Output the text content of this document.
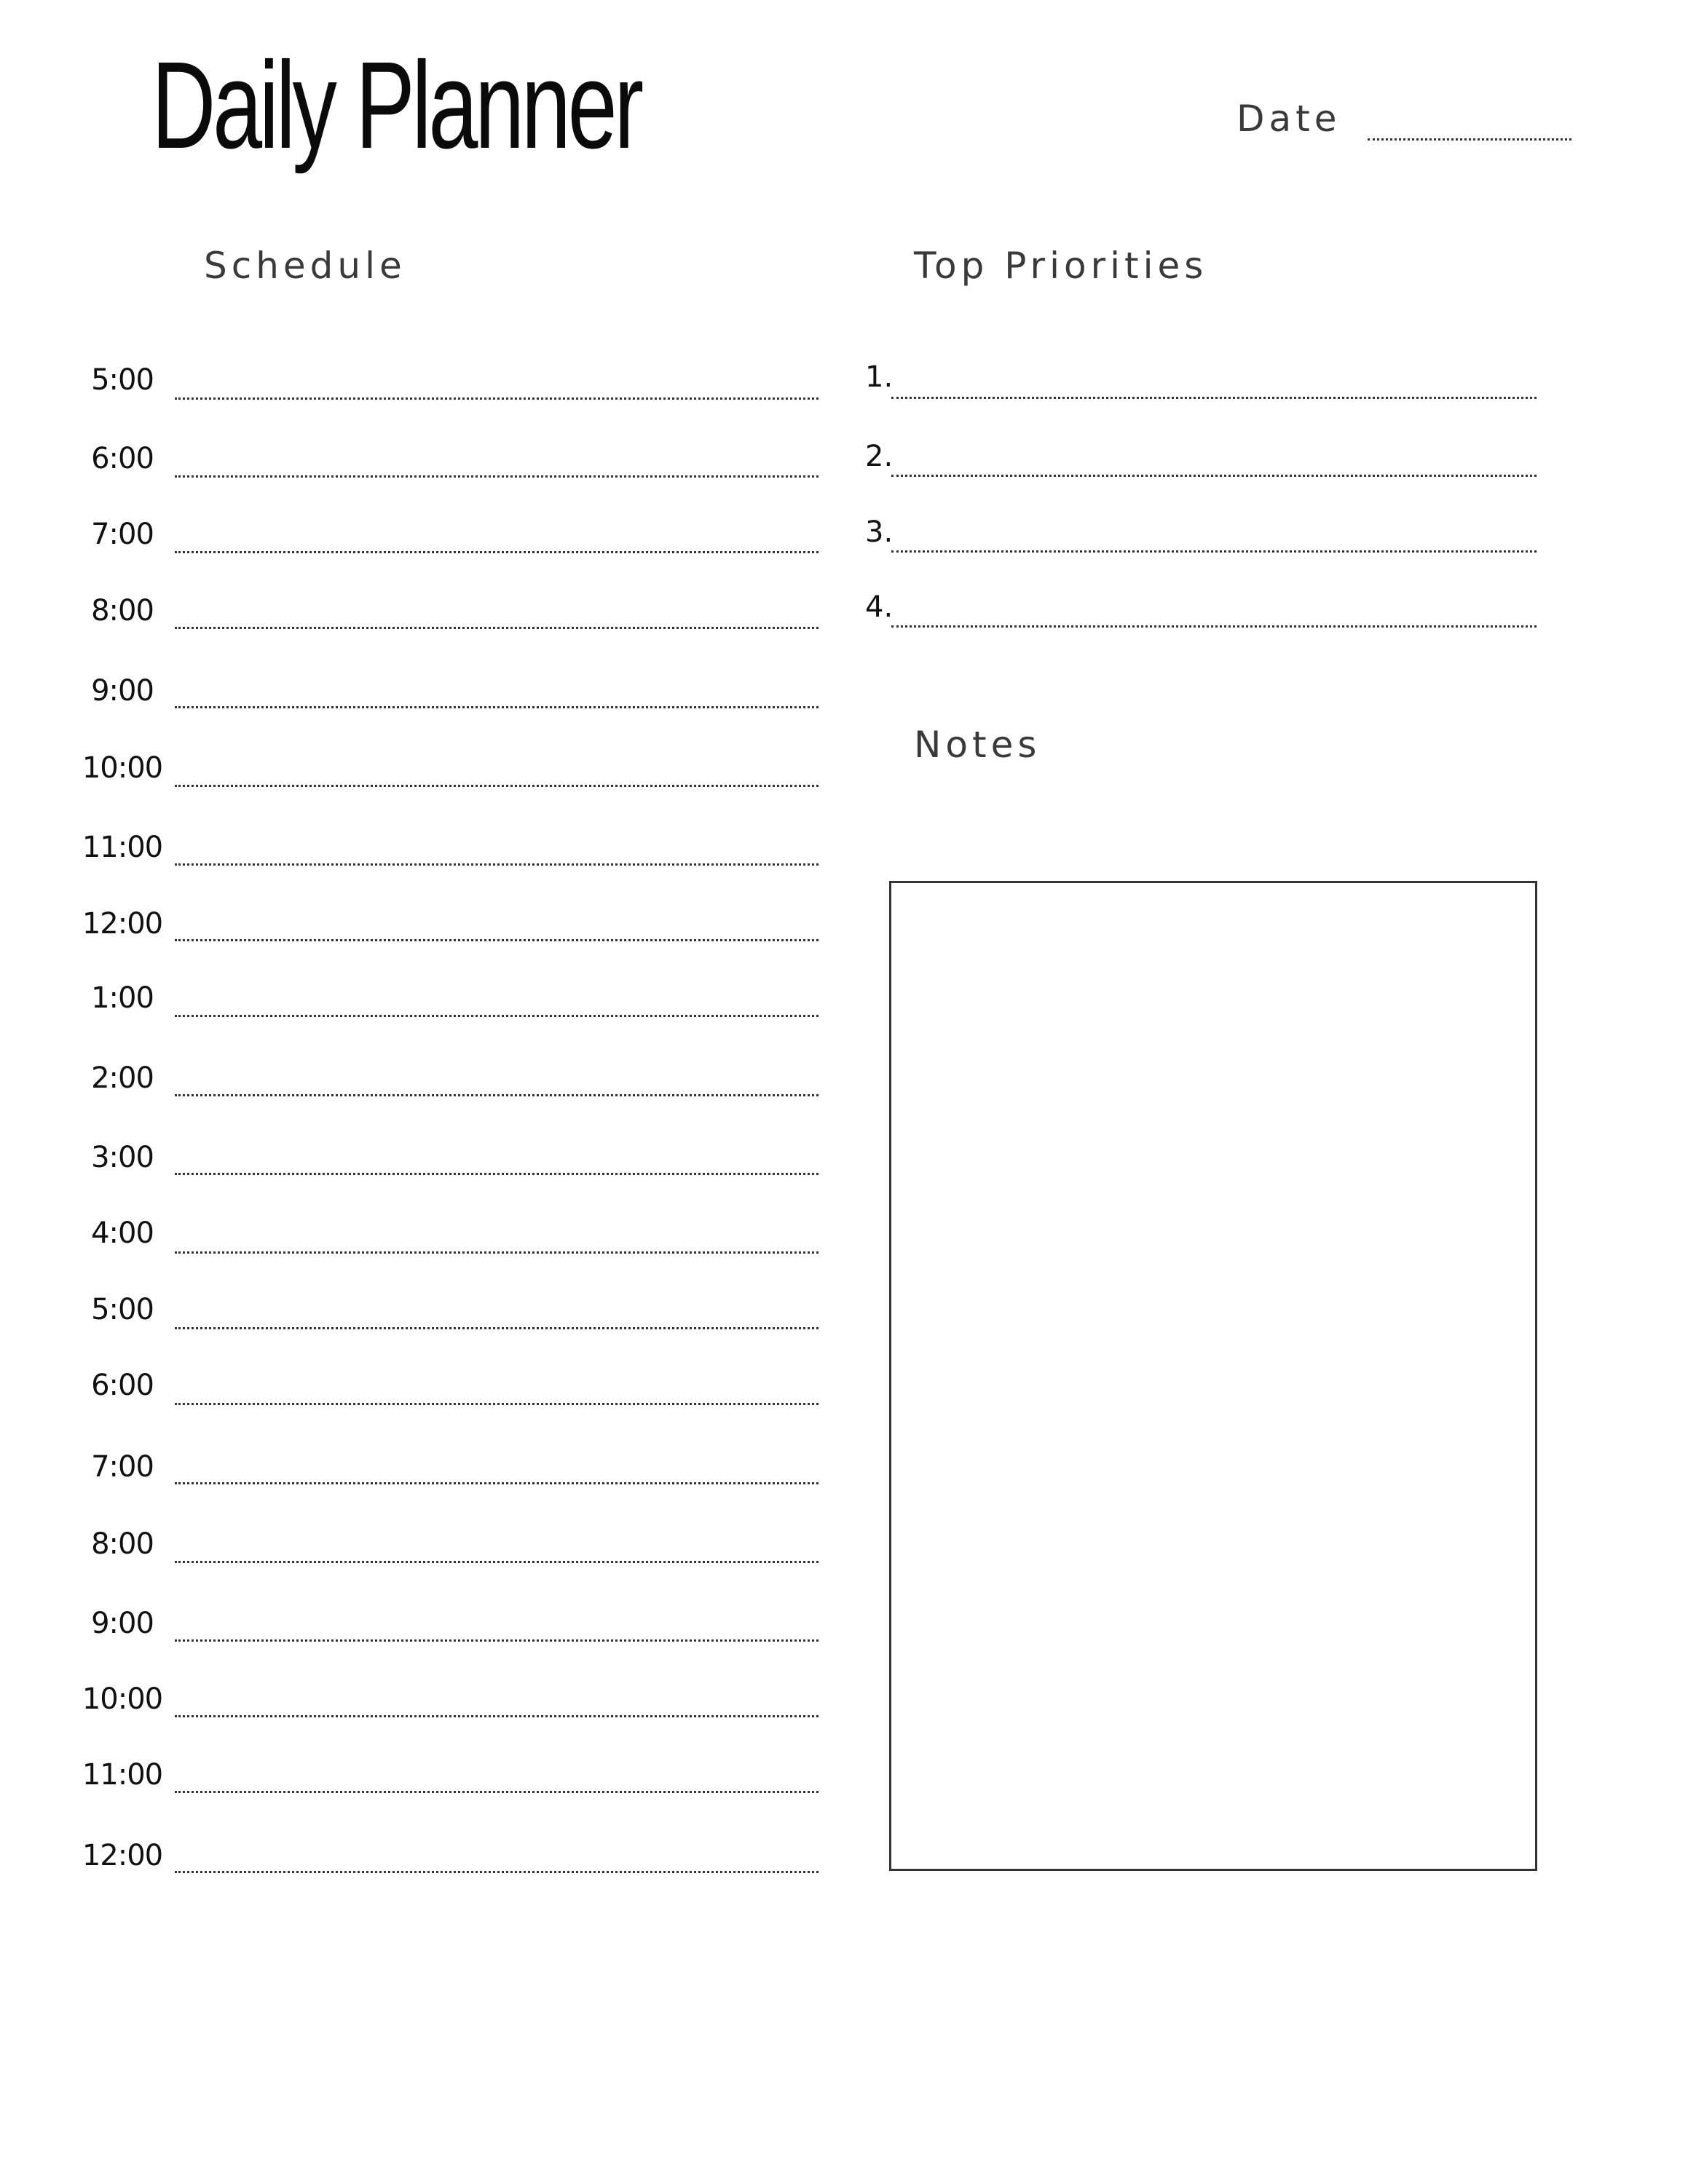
Daily Planner	Date
Schedule	Top Priorities
Notes
5:00
6:00
7:00
8:00
9:00
10:00
11:00
12:00
1:00
2:00
3:00
4:00
5:00
6:00
7:00
8:00
9:00
10:00
11:00
12:00
1.
2.
3.
4.
